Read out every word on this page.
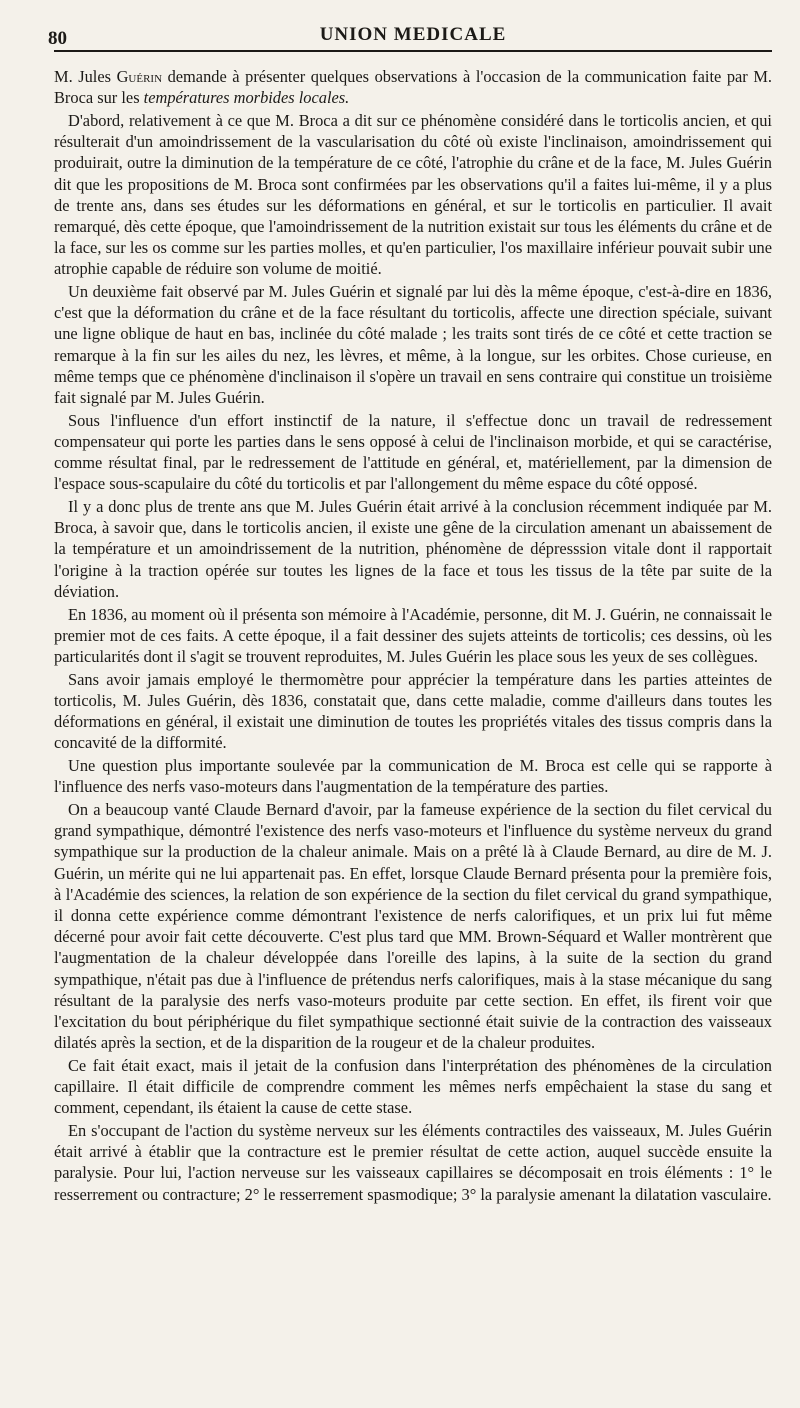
80	UNION MEDICALE

M. Jules Guérin demande à présenter quelques observations à l'occasion de la communication faite par M. Broca sur les températures morbides locales.

D'abord, relativement à ce que M. Broca a dit sur ce phénomène considéré dans le torticolis ancien, et qui résulterait d'un amoindrissement de la vascularisation du côté où existe l'inclinaison, amoindrissement qui produirait, outre la diminution de la température de ce côté, l'atrophie du crâne et de la face, M. Jules Guérin dit que les propositions de M. Broca sont confirmées par les observations qu'il a faites lui-même, il y a plus de trente ans, dans ses études sur les déformations en général, et sur le torticolis en particulier. Il avait remarqué, dès cette époque, que l'amoindrissement de la nutrition existait sur tous les éléments du crâne et de la face, sur les os comme sur les parties molles, et qu'en particulier, l'os maxillaire inférieur pouvait subir une atrophie capable de réduire son volume de moitié.

Un deuxième fait observé par M. Jules Guérin et signalé par lui dès la même époque, c'est-à-dire en 1836, c'est que la déformation du crâne et de la face résultant du torticolis, affecte une direction spéciale, suivant une ligne oblique de haut en bas, inclinée du côté malade ; les traits sont tirés de ce côté et cette traction se remarque à la fin sur les ailes du nez, les lèvres, et même, à la longue, sur les orbites. Chose curieuse, en même temps que ce phénomène d'inclinaison il s'opère un travail en sens contraire qui constitue un troisième fait signalé par M. Jules Guérin.

Sous l'influence d'un effort instinctif de la nature, il s'effectue donc un travail de redressement compensateur qui porte les parties dans le sens opposé à celui de l'inclinaison morbide, et qui se caractérise, comme résultat final, par le redressement de l'attitude en général, et, matériellement, par la dimension de l'espace sous-scapulaire du côté du torticolis et par l'allongement du même espace du côté opposé.

Il y a donc plus de trente ans que M. Jules Guérin était arrivé à la conclusion récemment indiquée par M. Broca, à savoir que, dans le torticolis ancien, il existe une gêne de la circulation amenant un abaissement de la température et un amoindrissement de la nutrition, phénomène de dépresssion vitale dont il rapportait l'origine à la traction opérée sur toutes les lignes de la face et tous les tissus de la tête par suite de la déviation.

En 1836, au moment où il présenta son mémoire à l'Académie, personne, dit M. J. Guérin, ne connaissait le premier mot de ces faits. A cette époque, il a fait dessiner des sujets atteints de torticolis; ces dessins, où les particularités dont il s'agit se trouvent reproduites, M. Jules Guérin les place sous les yeux de ses collègues.

Sans avoir jamais employé le thermomètre pour apprécier la température dans les parties atteintes de torticolis, M. Jules Guérin, dès 1836, constatait que, dans cette maladie, comme d'ailleurs dans toutes les déformations en général, il existait une diminution de toutes les propriétés vitales des tissus compris dans la concavité de la difformité.

Une question plus importante soulevée par la communication de M. Broca est celle qui se rapporte à l'influence des nerfs vaso-moteurs dans l'augmentation de la température des parties.

On a beaucoup vanté Claude Bernard d'avoir, par la fameuse expérience de la section du filet cervical du grand sympathique, démontré l'existence des nerfs vaso-moteurs et l'influence du système nerveux du grand sympathique sur la production de la chaleur animale. Mais on a prêté là à Claude Bernard, au dire de M. J. Guérin, un mérite qui ne lui appartenait pas. En effet, lorsque Claude Bernard présenta pour la première fois, à l'Académie des sciences, la relation de son expérience de la section du filet cervical du grand sympathique, il donna cette expérience comme démontrant l'existence de nerfs calorifiques, et un prix lui fut même décerné pour avoir fait cette découverte. C'est plus tard que MM. Brown-Séquard et Waller montrèrent que l'augmentation de la chaleur développée dans l'oreille des lapins, à la suite de la section du grand sympathique, n'était pas due à l'influence de prétendus nerfs calorifiques, mais à la stase mécanique du sang résultant de la paralysie des nerfs vaso-moteurs produite par cette section. En effet, ils firent voir que l'excitation du bout périphérique du filet sympathique sectionné était suivie de la contraction des vaisseaux dilatés après la section, et de la disparition de la rougeur et de la chaleur produites.

Ce fait était exact, mais il jetait de la confusion dans l'interprétation des phénomènes de la circulation capillaire. Il était difficile de comprendre comment les mêmes nerfs empêchaient la stase du sang et comment, cependant, ils étaient la cause de cette stase.

En s'occupant de l'action du système nerveux sur les éléments contractiles des vaisseaux, M. Jules Guérin était arrivé à établir que la contracture est le premier résultat de cette action, auquel succède ensuite la paralysie. Pour lui, l'action nerveuse sur les vaisseaux capillaires se décomposait en trois éléments : 1° le resserrement ou contracture; 2° le resserrement spasmodique; 3° la paralysie amenant la dilatation vasculaire.
